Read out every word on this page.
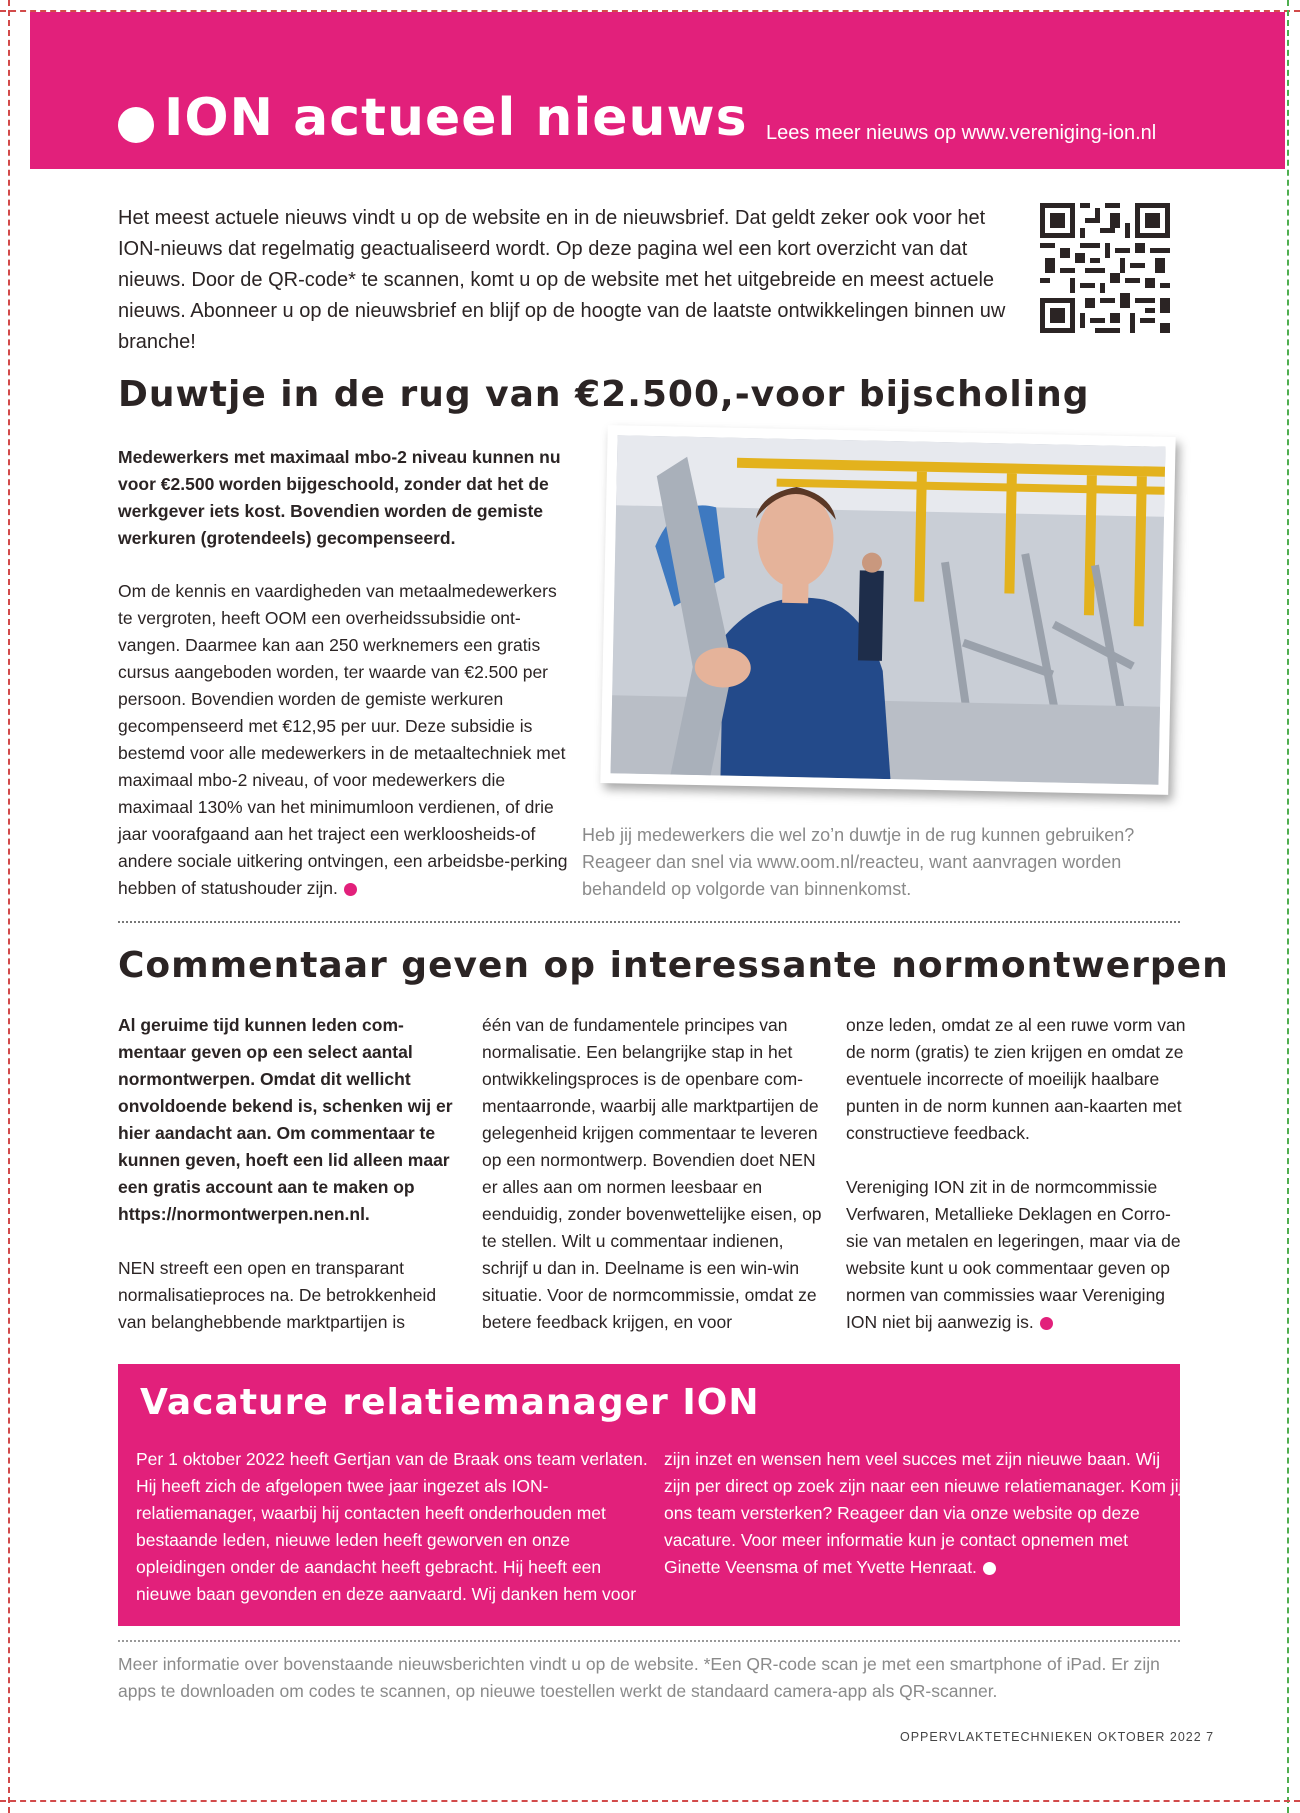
ION actueel nieuws Lees meer nieuws op www.vereniging-ion.nl
Het meest actuele nieuws vindt u op de website en in de nieuwsbrief. Dat geldt zeker ook voor het ION-nieuws dat regelmatig geactualiseerd wordt. Op deze pagina wel een kort overzicht van dat nieuws. Door de QR-code* te scannen, komt u op de website met het uitgebreide en meest actuele nieuws. Abonneer u op de nieuwsbrief en blijf op de hoogte van de laatste ontwikkelingen binnen uw branche!
Duwtje in de rug van €2.500,-voor bijscholing
Medewerkers met maximaal mbo-2 niveau kunnen nu voor €2.500 worden bijgeschoold, zonder dat het de werkgever iets kost. Bovendien worden de gemiste werkuren (grotendeels) gecompenseerd.
Om de kennis en vaardigheden van metaalmedewerkers te vergroten, heeft OOM een overheidssubsidie ont-vangen. Daarmee kan aan 250 werknemers een gratis cursus aangeboden worden, ter waarde van €2.500 per persoon. Bovendien worden de gemiste werkuren gecompenseerd met €12,95 per uur. Deze subsidie is bestemd voor alle medewerkers in de metaaltechniek met maximaal mbo-2 niveau, of voor medewerkers die maximaal 130% van het minimumloon verdienen, of drie jaar voorafgaand aan het traject een werkloosheids-of andere sociale uitkering ontvingen, een arbeidsbe-perking hebben of statushouder zijn.
Heb jij medewerkers die wel zo’n duwtje in de rug kunnen gebruiken? Reageer dan snel via www.oom.nl/reacteu, want aanvragen worden behandeld op volgorde van binnenkomst.
Commentaar geven op interessante normontwerpen
Al geruime tijd kunnen leden com-mentaar geven op een select aantal normontwerpen. Omdat dit wellicht onvoldoende bekend is, schenken wij er hier aandacht aan. Om commentaar te kunnen geven, hoeft een lid alleen maar een gratis account aan te maken op https://normontwerpen.nen.nl.
NEN streeft een open en transparant normalisatieproces na. De betrokkenheid van belanghebbende marktpartijen is
één van de fundamentele principes van normalisatie. Een belangrijke stap in het ontwikkelingsproces is de openbare com-mentaarronde, waarbij alle marktpartijen de gelegenheid krijgen commentaar te leveren op een normontwerp. Bovendien doet NEN er alles aan om normen leesbaar en eenduidig, zonder bovenwettelijke eisen, op te stellen. Wilt u commentaar indienen, schrijf u dan in. Deelname is een win-win situatie. Voor de normcommissie, omdat ze betere feedback krijgen, en voor
onze leden, omdat ze al een ruwe vorm van de norm (gratis) te zien krijgen en omdat ze eventuele incorrecte of moeilijk haalbare punten in de norm kunnen aan-kaarten met constructieve feedback.
Vereniging ION zit in de normcommissie Verfwaren, Metallieke Deklagen en Corro-sie van metalen en legeringen, maar via de website kunt u ook commentaar geven op normen van commissies waar Vereniging ION niet bij aanwezig is.
Vacature relatiemanager ION
Per 1 oktober 2022 heeft Gertjan van de Braak ons team verlaten. Hij heeft zich de afgelopen twee jaar ingezet als ION-relatiemanager, waarbij hij contacten heeft onderhouden met bestaande leden, nieuwe leden heeft geworven en onze opleidingen onder de aandacht heeft gebracht. Hij heeft een nieuwe baan gevonden en deze aanvaard. Wij danken hem voor
zijn inzet en wensen hem veel succes met zijn nieuwe baan. Wij zijn per direct op zoek zijn naar een nieuwe relatiemanager. Kom jij ons team versterken? Reageer dan via onze website op deze vacature. Voor meer informatie kun je contact opnemen met Ginette Veensma of met Yvette Henraat.
Meer informatie over bovenstaande nieuwsberichten vindt u op de website. *Een QR-code scan je met een smartphone of iPad. Er zijn apps te downloaden om codes te scannen, op nieuwe toestellen werkt de standaard camera-app als QR-scanner.
OPPERVLAKTETECHNIEKEN OKTOBER 2022 7
